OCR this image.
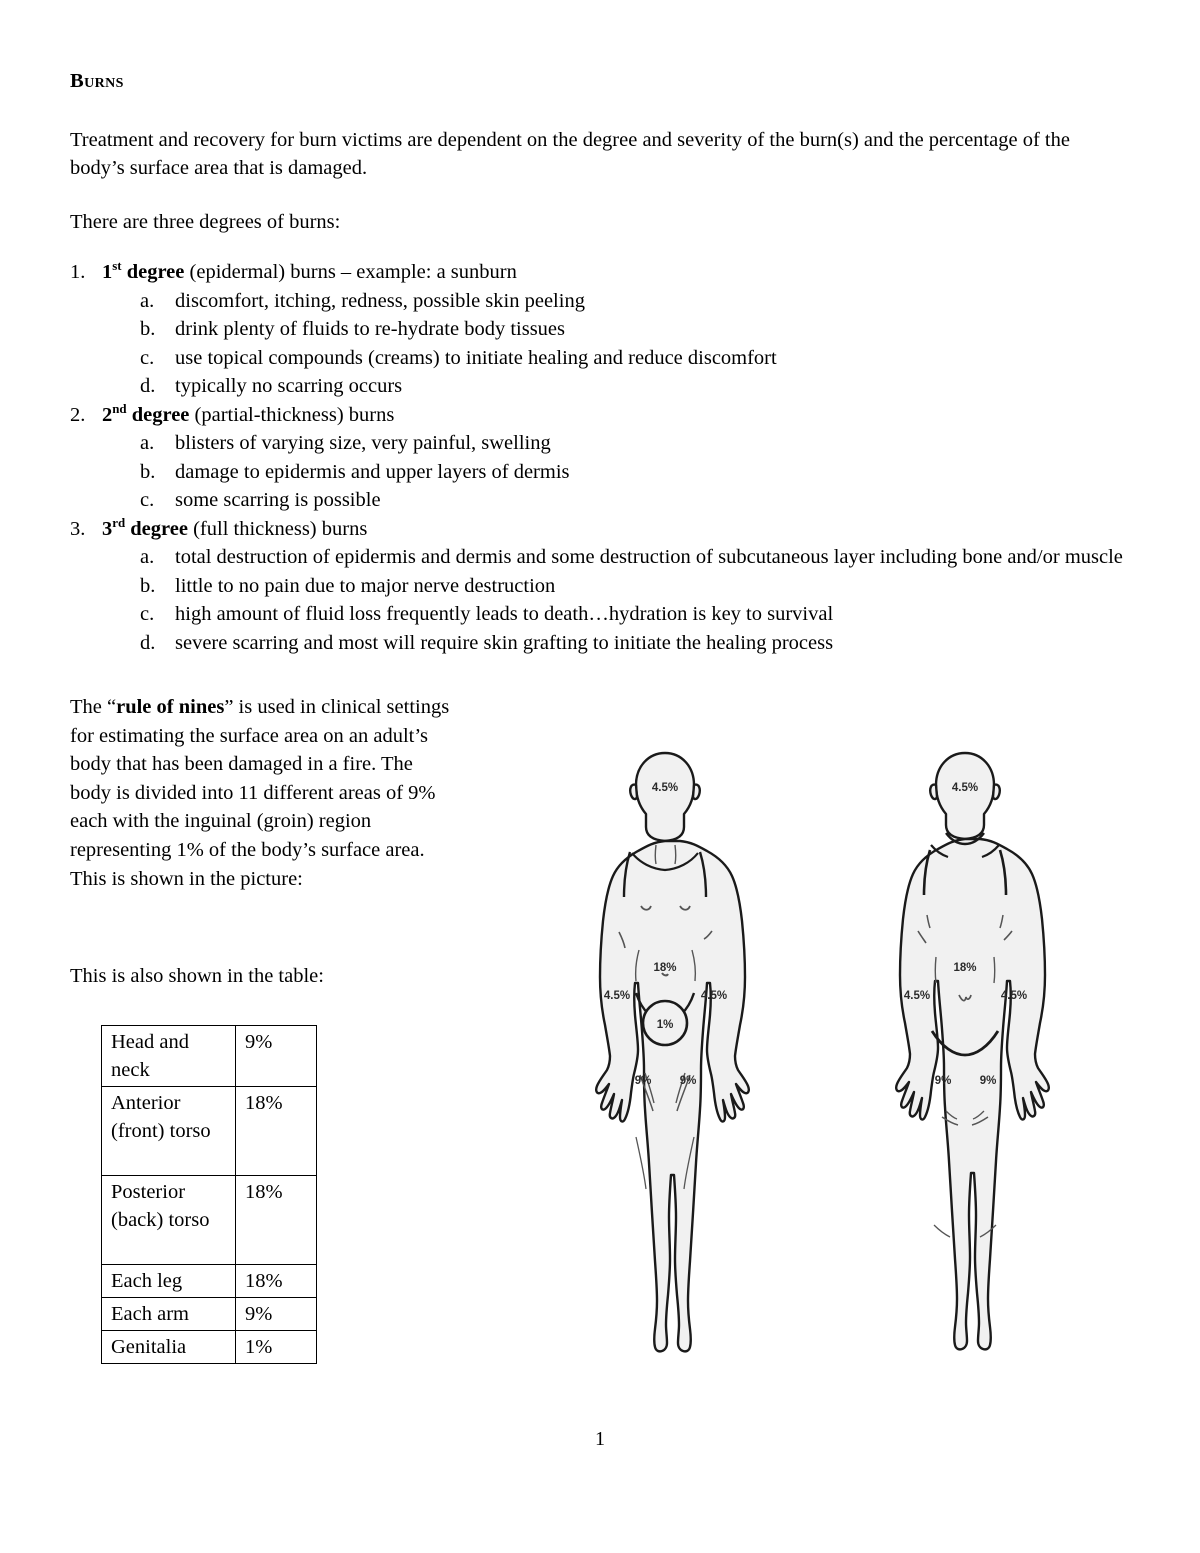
Burns
Treatment and recovery for burn victims are dependent on the degree and severity of the burn(s) and the percentage of the body’s surface area that is damaged.
There are three degrees of burns:
1. 1st degree (epidermal) burns – example: a sunburn
a.	discomfort, itching, redness, possible skin peeling
b. drink plenty of fluids to re-hydrate body tissues
c.	use topical compounds (creams) to initiate healing and reduce discomfort
d. typically no scarring occurs
2. 2nd degree (partial-thickness) burns
a.	blisters of varying size, very painful, swelling
b. damage to epidermis and upper layers of dermis
c.	some scarring is possible
3. 3rd degree (full thickness) burns
a.	total destruction of epidermis and dermis and some destruction of subcutaneous layer including bone and/or muscle
b. little to no pain due to major nerve destruction
c.	high amount of fluid loss frequently leads to death…hydration is key to survival
d. severe scarring and most will require skin grafting to initiate the healing process
The “rule of nines” is used in clinical settings for estimating the surface area on an adult’s body that has been damaged in a fire. The body is divided into 11 different areas of 9% each with the inguinal (groin) region representing 1% of the body’s surface area.
This is shown in the picture:
This is also shown in the table:
Head and neck	9%
Anterior (front) torso	18%
Posterior (back) torso	18%
Each leg	18%
Each arm	9%
Genitalia	1%
4.5%
18%
4.5%	4.5%
1%
9% 9%
4.5%
18%
4.5%	4.5%
9% 9%
1
